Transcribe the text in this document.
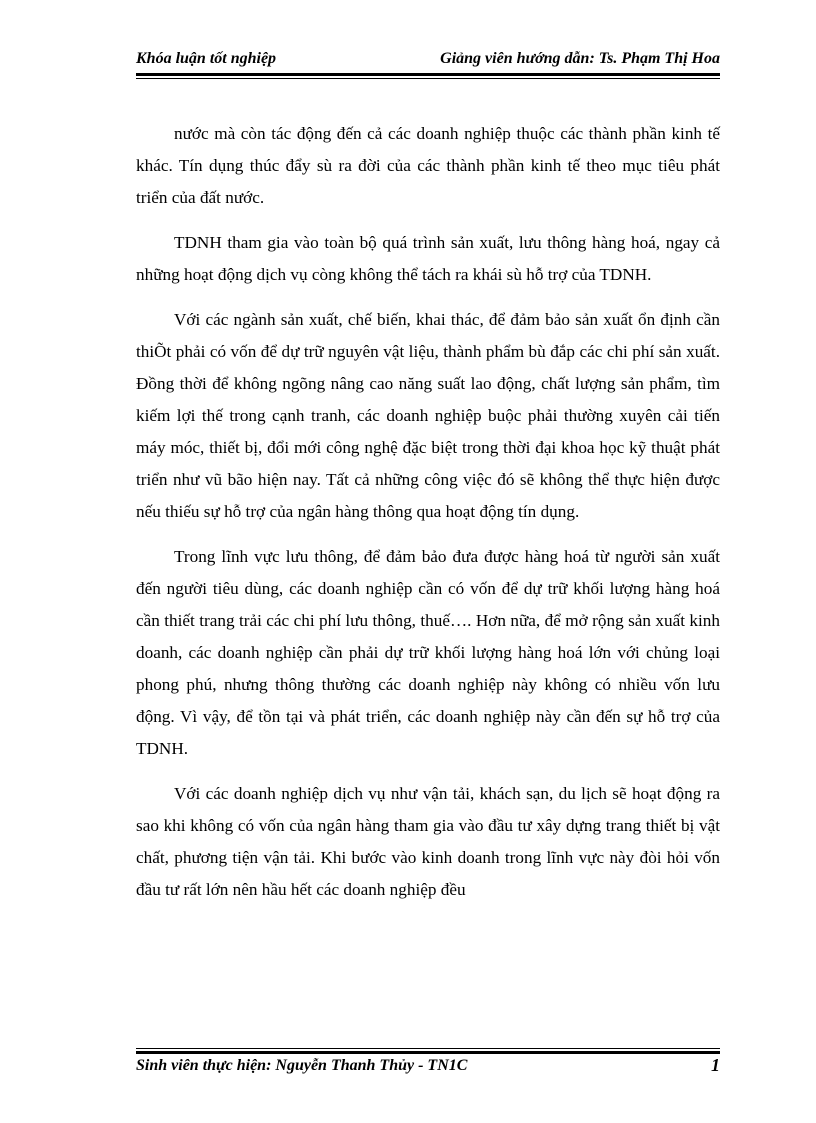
Khóa luận tốt nghiệp	Giảng viên hướng dẫn: Ts. Phạm Thị Hoa

nước mà còn tác động đến cả các doanh nghiệp thuộc các thành phần kinh tế khác. Tín dụng thúc đẩy sù ra đời của các thành phần kinh tế theo mục tiêu phát triển của đất nước.

TDNH tham gia vào toàn bộ quá trình sản xuất, lưu thông hàng hoá, ngay cả những hoạt động dịch vụ còng không thể tách ra khái sù hỗ trợ của TDNH.

Với các ngành sản xuất, chế biến, khai thác, để đảm bảo sản xuất ổn định cần thiÕt phải có vốn để dự trữ nguyên vật liệu, thành phẩm bù đắp các chi phí sản xuất. Đồng thời để không ngõng nâng cao năng suất lao động, chất lượng sản phẩm, tìm kiếm lợi thế trong cạnh tranh, các doanh nghiệp buộc phải thường xuyên cải tiến máy móc, thiết bị, đổi mới công nghệ đặc biệt trong thời đại khoa học kỹ thuật phát triển như vũ bão hiện nay. Tất cả những công việc đó sẽ không thể thực hiện được nếu thiếu sự hỗ trợ của ngân hàng thông qua hoạt động tín dụng.

Trong lĩnh vực lưu thông, để đảm bảo đưa được hàng hoá từ người sản xuất đến người tiêu dùng, các doanh nghiệp cần có vốn để dự trữ khối lượng hàng hoá cần thiết trang trải các chi phí lưu thông, thuế…. Hơn nữa, để mở rộng sản xuất kinh doanh, các doanh nghiệp cần phải dự trữ khối lượng hàng hoá lớn với chủng loại phong phú, nhưng thông thường các doanh nghiệp này không có nhiều vốn lưu động. Vì vậy, để tồn tại và phát triển, các doanh nghiệp này cần đến sự hỗ trợ của TDNH.

Với các doanh nghiệp dịch vụ như vận tải, khách sạn, du lịch sẽ hoạt động ra sao khi không có vốn của ngân hàng tham gia vào đầu tư xây dựng trang thiết bị vật chất, phương tiện vận tải. Khi bước vào kinh doanh trong lĩnh vực này đòi hỏi vốn đầu tư rất lớn nên hầu hết các doanh nghiệp đều

Sinh viên thực hiện: Nguyễn Thanh Thủy - TN1C	1
